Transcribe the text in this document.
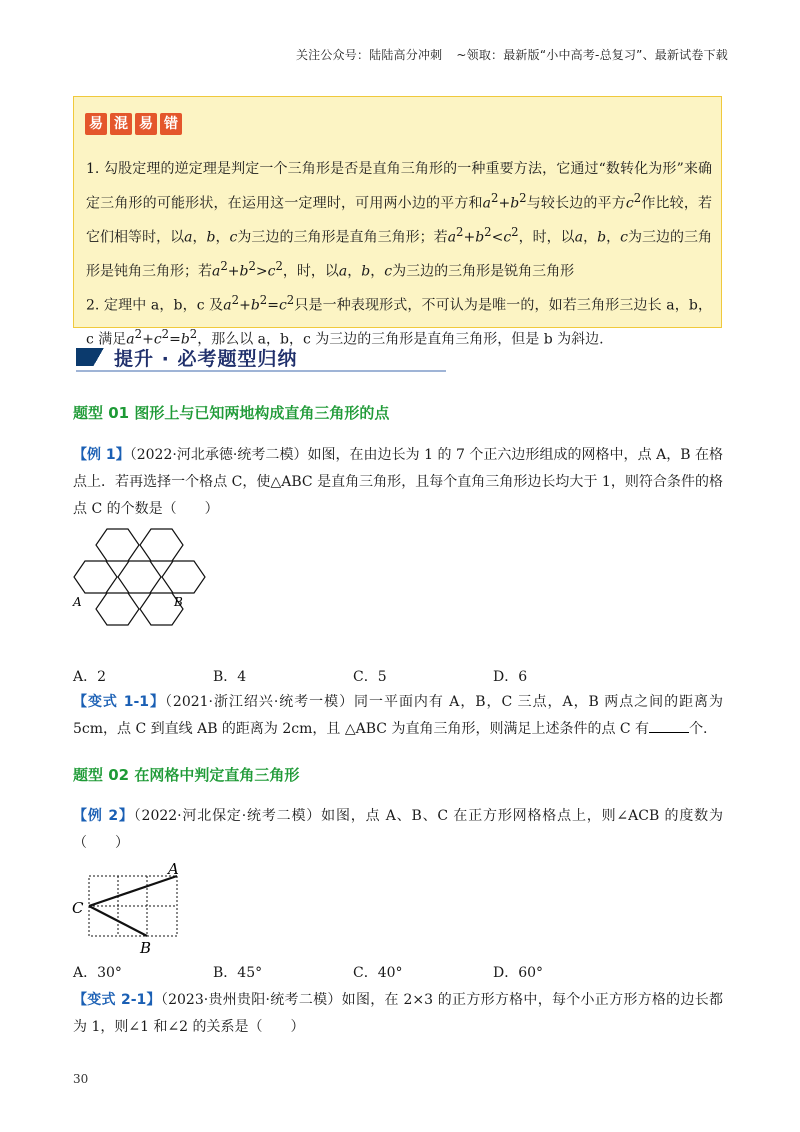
关注公众号：陆陆高分冲刺 ~领取：最新版“小中高考-总复习”、最新试卷下载
易 混 易 错

1. 勾股定理的逆定理是判定一个三角形是否是直角三角形的一种重要方法，它通过“数转化为形”来确定三角形的可能形状，在运用这一定理时，可用两小边的平方和$a^2+b^2$与较长边的平方$c^2$作比较，若它们相等时，以a，b，c为三边的三角形是直角三角形；若$a^2+b^2<c^2$，时，以a，b，c为三边的三角形是钝角三角形；若$a^2+b^2>c^2$，时，以a，b，c为三边的三角形是锐角三角形

2. 定理中 a，b，c 及$a^2+b^2=c^2$只是一种表现形式，不可认为是唯一的，如若三角形三边长 a，b，c 满足$a^2+c^2=b^2$，那么以 a，b，c 为三边的三角形是直角三角形，但是 b 为斜边.

提升 · 必考题型归纳
题型 01 图形上与已知两地构成直角三角形的点
【例 1】（2022·河北承德·统考二模）如图，在由边长为 1 的 7 个正六边形组成的网格中，点 A，B 在格点上．若再选择一个格点 C，使△ABC 是直角三角形，且每个直角三角形边长均大于 1，则符合条件的格点 C 的个数是（　　）
A	B
A．2	B．4	C．5	D．6
【变式 1-1】（2021·浙江绍兴·统考一模）同一平面内有 A，B，C 三点，A，B 两点之间的距离为 5cm，点 C 到直线 AB 的距离为 2cm，且 △ABC 为直角三角形，则满足上述条件的点 C 有	个.
题型 02 在网格中判定直角三角形
【例 2】（2022·河北保定·统考二模）如图，点 A、B、C 在正方形网格格点上，则∠ACB 的度数为（　　）
A
B
C
A．30°	B．45°	C．40°	D．60°
【变式 2-1】（2023·贵州贵阳·统考二模）如图，在 2×3 的正方形方格中，每个小正方形方格的边长都为 1，则∠1 和∠2 的关系是（　　）
30
